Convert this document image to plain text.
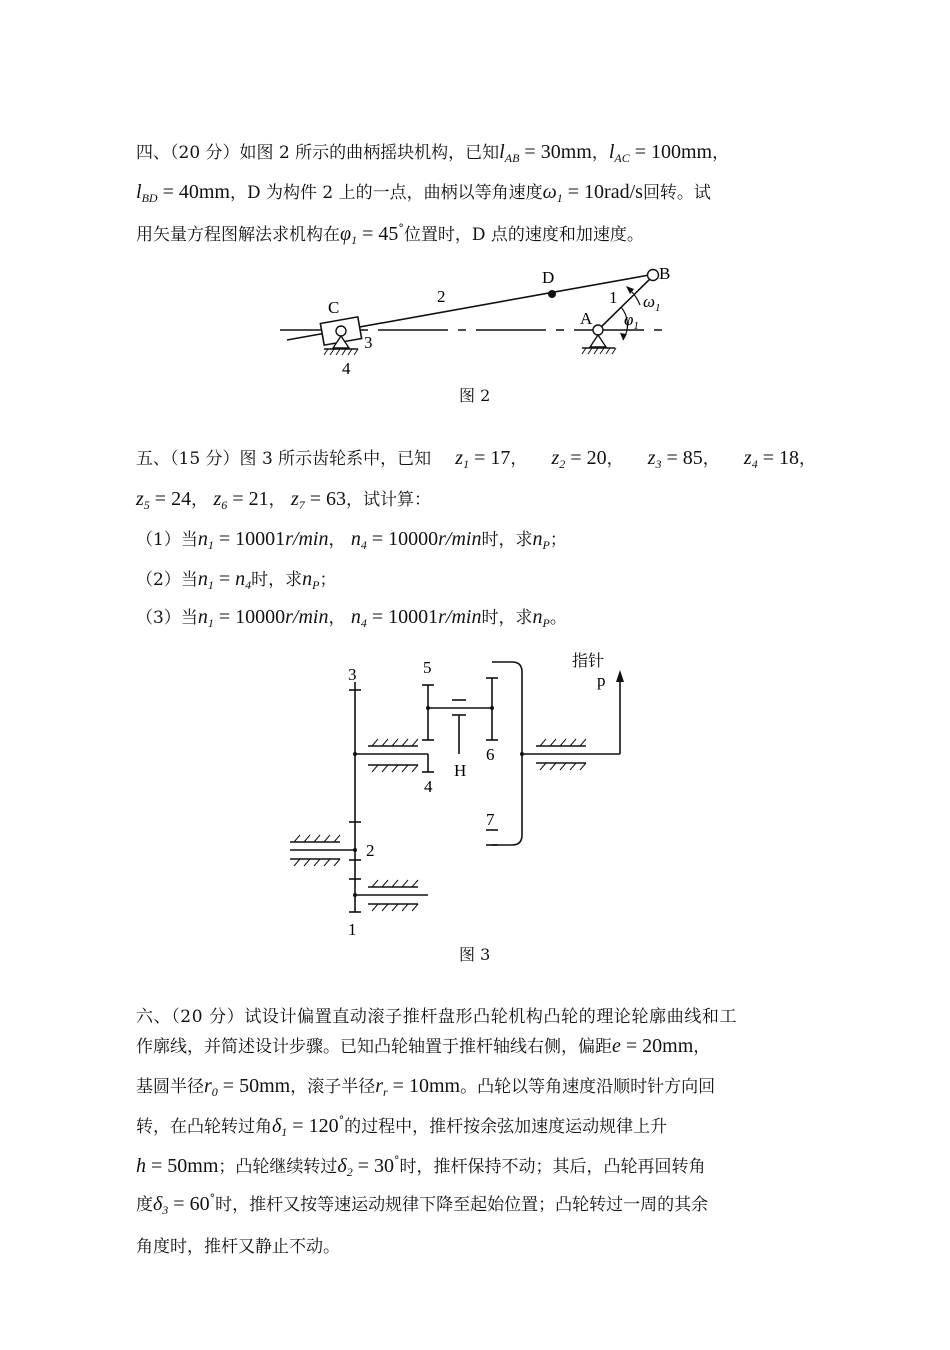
四、（20 分）如图 2 所示的曲柄摇块机构，已知$l_{AB} = 30mm$，$l_{AC} = 100mm$，
$l_{BD} = 40mm$，D 为构件 2 上的一点，曲柄以等角速度$\omega_1 = 10rad/s$回转。试
用矢量方程图解法求机构在$\varphi_1 = 45^\circ$位置时，D 点的速度和加速度。
C
D	B
A
1
2
3
4
$\omega_1$
$\varphi_1$
图 2
五、（15 分）图 3 所示齿轮系中，已知 $z_1 = 17$， $z_2 = 20$， $z_3 = 85$， $z_4 = 18$，
$z_5 = 24$， $z_6 = 21$， $z_7 = 63$，试计算：
（1）当$n_1 = 10001r/\min$， $n_4 = 10000r/\min$时，求$n_P$；
（2）当$n_1 = n_4$时，求$n_P$；
（3）当$n_1 = 10000r/\min$， $n_4 = 10001r/\min$时，求$n_P$。
3	5
6
4
H
7
2
1
指针
p
图 3
六、（20 分）试设计偏置直动滚子推杆盘形凸轮机构凸轮的理论轮廓曲线和工
作廓线，并简述设计步骤。已知凸轮轴置于推杆轴线右侧，偏距e = 20mm，
基圆半径$r_0 = 50mm$，滚子半径$r_r = 10mm$。凸轮以等角速度沿顺时针方向回
转，在凸轮转过角$\delta_1 = 120^\circ$的过程中，推杆按余弦加速度运动规律上升
h = 50mm；凸轮继续转过$\delta_2 = 30^\circ$时，推杆保持不动；其后，凸轮再回转角
度$\delta_3 = 60^\circ$时，推杆又按等速运动规律下降至起始位置；凸轮转过一周的其余
角度时，推杆又静止不动。
